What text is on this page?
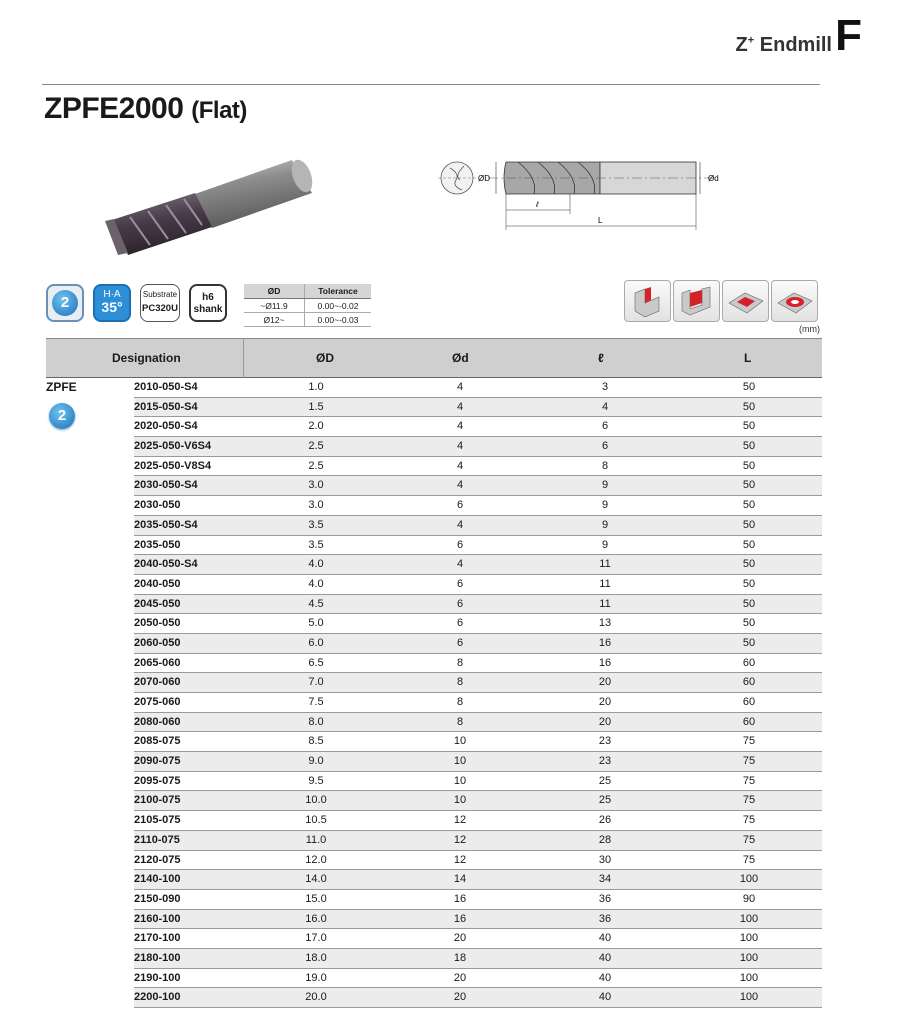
Z+ Endmill F
ZPFE2000 (Flat)
ØD	Ød
ℓ
L
2	H·A
35°
Substrate
PC320U
h6
shank
ØD	Tolerance
~Ø11.9	0.00~-0.02
Ø12~	0.00~-0.03
(mm)
Designation	ØD	Ød	ℓ	L
ZPFE
2
2010-050-S4	1.0	4	3	50
2015-050-S4	1.5	4	4	50
2020-050-S4	2.0	4	6	50
2025-050-V6S4	2.5	4	6	50
2025-050-V8S4	2.5	4	8	50
2030-050-S4	3.0	4	9	50
2030-050	3.0	6	9	50
2035-050-S4	3.5	4	9	50
2035-050	3.5	6	9	50
2040-050-S4	4.0	4	11	50
2040-050	4.0	6	11	50
2045-050	4.5	6	11	50
2050-050	5.0	6	13	50
2060-050	6.0	6	16	50
2065-060	6.5	8	16	60
2070-060	7.0	8	20	60
2075-060	7.5	8	20	60
2080-060	8.0	8	20	60
2085-075	8.5	10	23	75
2090-075	9.0	10	23	75
2095-075	9.5	10	25	75
2100-075	10.0	10	25	75
2105-075	10.5	12	26	75
2110-075	11.0	12	28	75
2120-075	12.0	12	30	75
2140-100	14.0	14	34	100
2150-090	15.0	16	36	90
2160-100	16.0	16	36	100
2170-100	17.0	20	40	100
2180-100	18.0	18	40	100
2190-100	19.0	20	40	100
2200-100	20.0	20	40	100
